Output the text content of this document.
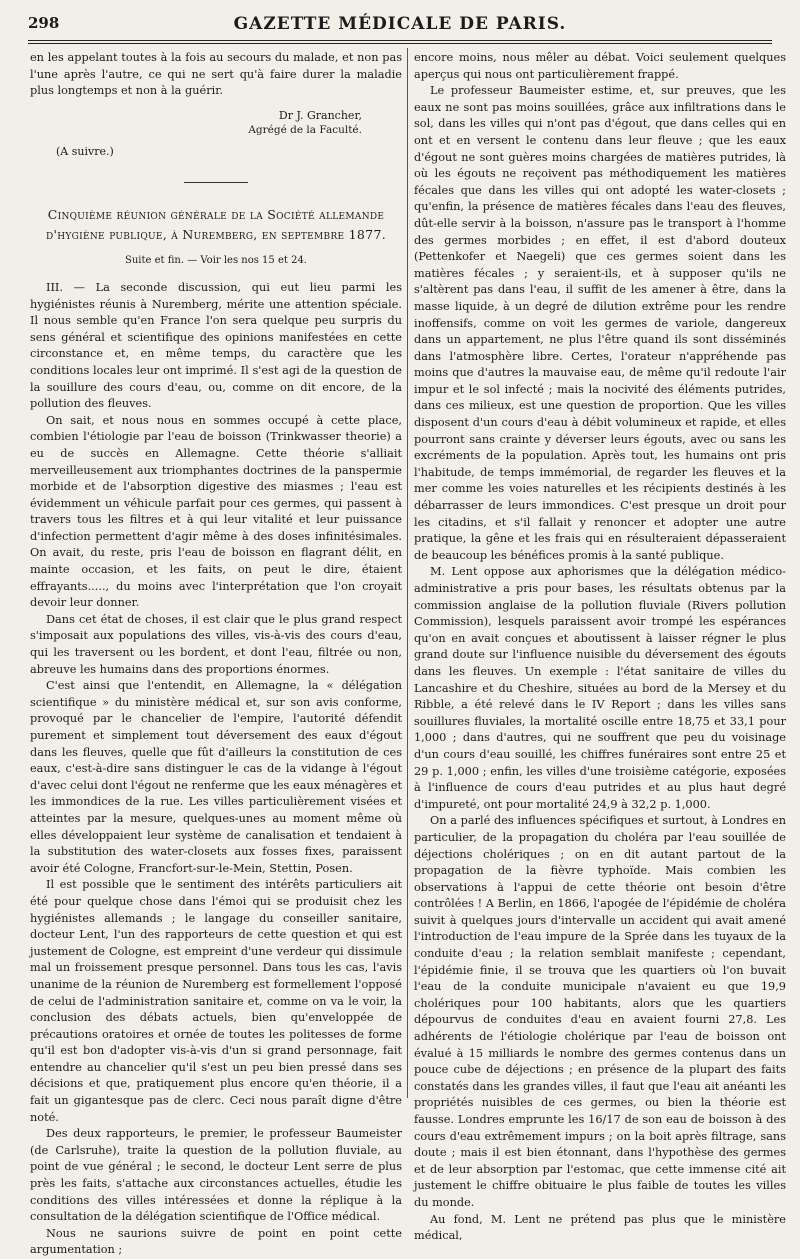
298	GAZETTE MÉDICALE DE PARIS.

en les appelant toutes à la fois au secours du malade, et non pas l'une après l'autre, ce qui ne sert qu'à faire durer la maladie plus longtemps et non à la guérir.

Dr J. Grancher,
Agrégé de la Faculté.
(A suivre.)
Cinquième réunion générale de la Société allemande
d'hygiène publique, à Nuremberg, en septembre 1877.
Suite et fin. — Voir les nos 15 et 24.

III. — La seconde discussion, qui eut lieu parmi les hygiénistes réunis à Nuremberg, mérite une attention spéciale. Il nous semble qu'en France l'on sera quelque peu surpris du sens général et scientifique des opinions manifestées en cette circonstance et, en même temps, du caractère que les conditions locales leur ont imprimé. Il s'est agi de la question de la souillure des cours d'eau, ou, comme on dit encore, de la pollution des fleuves.

On sait, et nous nous en sommes occupé à cette place, combien l'étiologie par l'eau de boisson (Trinkwasser theorie) a eu de succès en Allemagne. Cette théorie s'alliait merveilleusement aux triomphantes doctrines de la panspermie morbide et de l'absorption digestive des miasmes ; l'eau est évidemment un véhicule parfait pour ces germes, qui passent à travers tous les filtres et à qui leur vitalité et leur puissance d'infection permettent d'agir même à des doses infinitésimales. On avait, du reste, pris l'eau de boisson en flagrant délit, en mainte occasion, et les faits, on peut le dire, étaient effrayants....., du moins avec l'interprétation que l'on croyait devoir leur donner.

Dans cet état de choses, il est clair que le plus grand respect s'imposait aux populations des villes, vis-à-vis des cours d'eau, qui les traversent ou les bordent, et dont l'eau, filtrée ou non, abreuve les humains dans des proportions énormes.

C'est ainsi que l'entendit, en Allemagne, la « délégation scientifique » du ministère médical et, sur son avis conforme, provoqué par le chancelier de l'empire, l'autorité défendit purement et simplement tout déversement des eaux d'égout dans les fleuves, quelle que fût d'ailleurs la constitution de ces eaux, c'est-à-dire sans distinguer le cas de la vidange à l'égout d'avec celui dont l'égout ne renferme que les eaux ménagères et les immondices de la rue. Les villes particulièrement visées et atteintes par la mesure, quelques-unes au moment même où elles développaient leur système de canalisation et tendaient à la substitution des water-closets aux fosses fixes, paraissent avoir été Cologne, Francfort-sur-le-Mein, Stettin, Posen.

Il est possible que le sentiment des intérêts particuliers ait été pour quelque chose dans l'émoi qui se produisit chez les hygiénistes allemands ; le langage du conseiller sanitaire, docteur Lent, l'un des rapporteurs de cette question et qui est justement de Cologne, est empreint d'une verdeur qui dissimule mal un froissement presque personnel. Dans tous les cas, l'avis unanime de la réunion de Nuremberg est formellement l'opposé de celui de l'administration sanitaire et, comme on va le voir, la conclusion des débats actuels, bien qu'enveloppée de précautions oratoires et ornée de toutes les politesses de forme qu'il est bon d'adopter vis-à-vis d'un si grand personnage, fait entendre au chancelier qu'il s'est un peu bien pressé dans ses décisions et que, pratiquement plus encore qu'en théorie, il a fait un gigantesque pas de clerc. Ceci nous paraît digne d'être noté.

Des deux rapporteurs, le premier, le professeur Baumeister (de Carlsruhe), traite la question de la pollution fluviale, au point de vue général ; le second, le docteur Lent serre de plus près les faits, s'attache aux circonstances actuelles, étudie les conditions des villes intéressées et donne la réplique à la consultation de la délégation scientifique de l'Office médical.

Nous ne saurions suivre de point en point cette argumentation ;

encore moins, nous mêler au débat. Voici seulement quelques aperçus qui nous ont particulièrement frappé.

Le professeur Baumeister estime, et, sur preuves, que les eaux ne sont pas moins souillées, grâce aux infiltrations dans le sol, dans les villes qui n'ont pas d'égout, que dans celles qui en ont et en versent le contenu dans leur fleuve ; que les eaux d'égout ne sont guères moins chargées de matières putrides, là où les égouts ne reçoivent pas méthodiquement les matières fécales que dans les villes qui ont adopté les water-closets ; qu'enfin, la présence de matières fécales dans l'eau des fleuves, dût-elle servir à la boisson, n'assure pas le transport à l'homme des germes morbides ; en effet, il est d'abord douteux (Pettenkofer et Naegeli) que ces germes soient dans les matières fécales ; y seraient-ils, et à supposer qu'ils ne s'altèrent pas dans l'eau, il suffit de les amener à être, dans la masse liquide, à un degré de dilution extrême pour les rendre inoffensifs, comme on voit les germes de variole, dangereux dans un appartement, ne plus l'être quand ils sont disséminés dans l'atmosphère libre. Certes, l'orateur n'appréhende pas moins que d'autres la mauvaise eau, de même qu'il redoute l'air impur et le sol infecté ; mais la nocivité des éléments putrides, dans ces milieux, est une question de proportion. Que les villes disposent d'un cours d'eau à débit volumineux et rapide, et elles pourront sans crainte y déverser leurs égouts, avec ou sans les excréments de la population. Après tout, les humains ont pris l'habitude, de temps immémorial, de regarder les fleuves et la mer comme les voies naturelles et les récipients destinés à les débarrasser de leurs immondices. C'est presque un droit pour les citadins, et s'il fallait y renoncer et adopter une autre pratique, la gêne et les frais qui en résulteraient dépasseraient de beaucoup les bénéfices promis à la santé publique.

M. Lent oppose aux aphorismes que la délégation médico-administrative a pris pour bases, les résultats obtenus par la commission anglaise de la pollution fluviale (Rivers pollution Commission), lesquels paraissent avoir trompé les espérances qu'on en avait conçues et aboutissent à laisser régner le plus grand doute sur l'influence nuisible du déversement des égouts dans les fleuves. Un exemple : l'état sanitaire de villes du Lancashire et du Cheshire, situées au bord de la Mersey et du Ribble, a été relevé dans le IV Report ; dans les villes sans souillures fluviales, la mortalité oscille entre 18,75 et 33,1 pour 1,000 ; dans d'autres, qui ne souffrent que peu du voisinage d'un cours d'eau souillé, les chiffres funéraires sont entre 25 et 29 p. 1,000 ; enfin, les villes d'une troisième catégorie, exposées à l'influence de cours d'eau putrides et au plus haut degré d'impureté, ont pour mortalité 24,9 à 32,2 p. 1,000.

On a parlé des influences spécifiques et surtout, à Londres en particulier, de la propagation du choléra par l'eau souillée de déjections cholériques ; on en dit autant partout de la propagation de la fièvre typhoïde. Mais combien les observations à l'appui de cette théorie ont besoin d'être contrôlées ! A Berlin, en 1866, l'apogée de l'épidémie de choléra suivit à quelques jours d'intervalle un accident qui avait amené l'introduction de l'eau impure de la Sprée dans les tuyaux de la conduite d'eau ; la relation semblait manifeste ; cependant, l'épidémie finie, il se trouva que les quartiers où l'on buvait l'eau de la conduite municipale n'avaient eu que 19,9 cholériques pour 100 habitants, alors que les quartiers dépourvus de conduites d'eau en avaient fourni 27,8. Les adhérents de l'étiologie cholérique par l'eau de boisson ont évalué à 15 milliards le nombre des germes contenus dans un pouce cube de déjections ; en présence de la plupart des faits constatés dans les grandes villes, il faut que l'eau ait anéanti les propriétés nuisibles de ces germes, ou bien la théorie est fausse. Londres emprunte les 16/17 de son eau de boisson à des cours d'eau extrêmement impurs ; on la boit après filtrage, sans doute ; mais il est bien étonnant, dans l'hypothèse des germes et de leur absorption par l'estomac, que cette immense cité ait justement le chiffre obituaire le plus faible de toutes les villes du monde.

Au fond, M. Lent ne prétend pas plus que le ministère médical,
